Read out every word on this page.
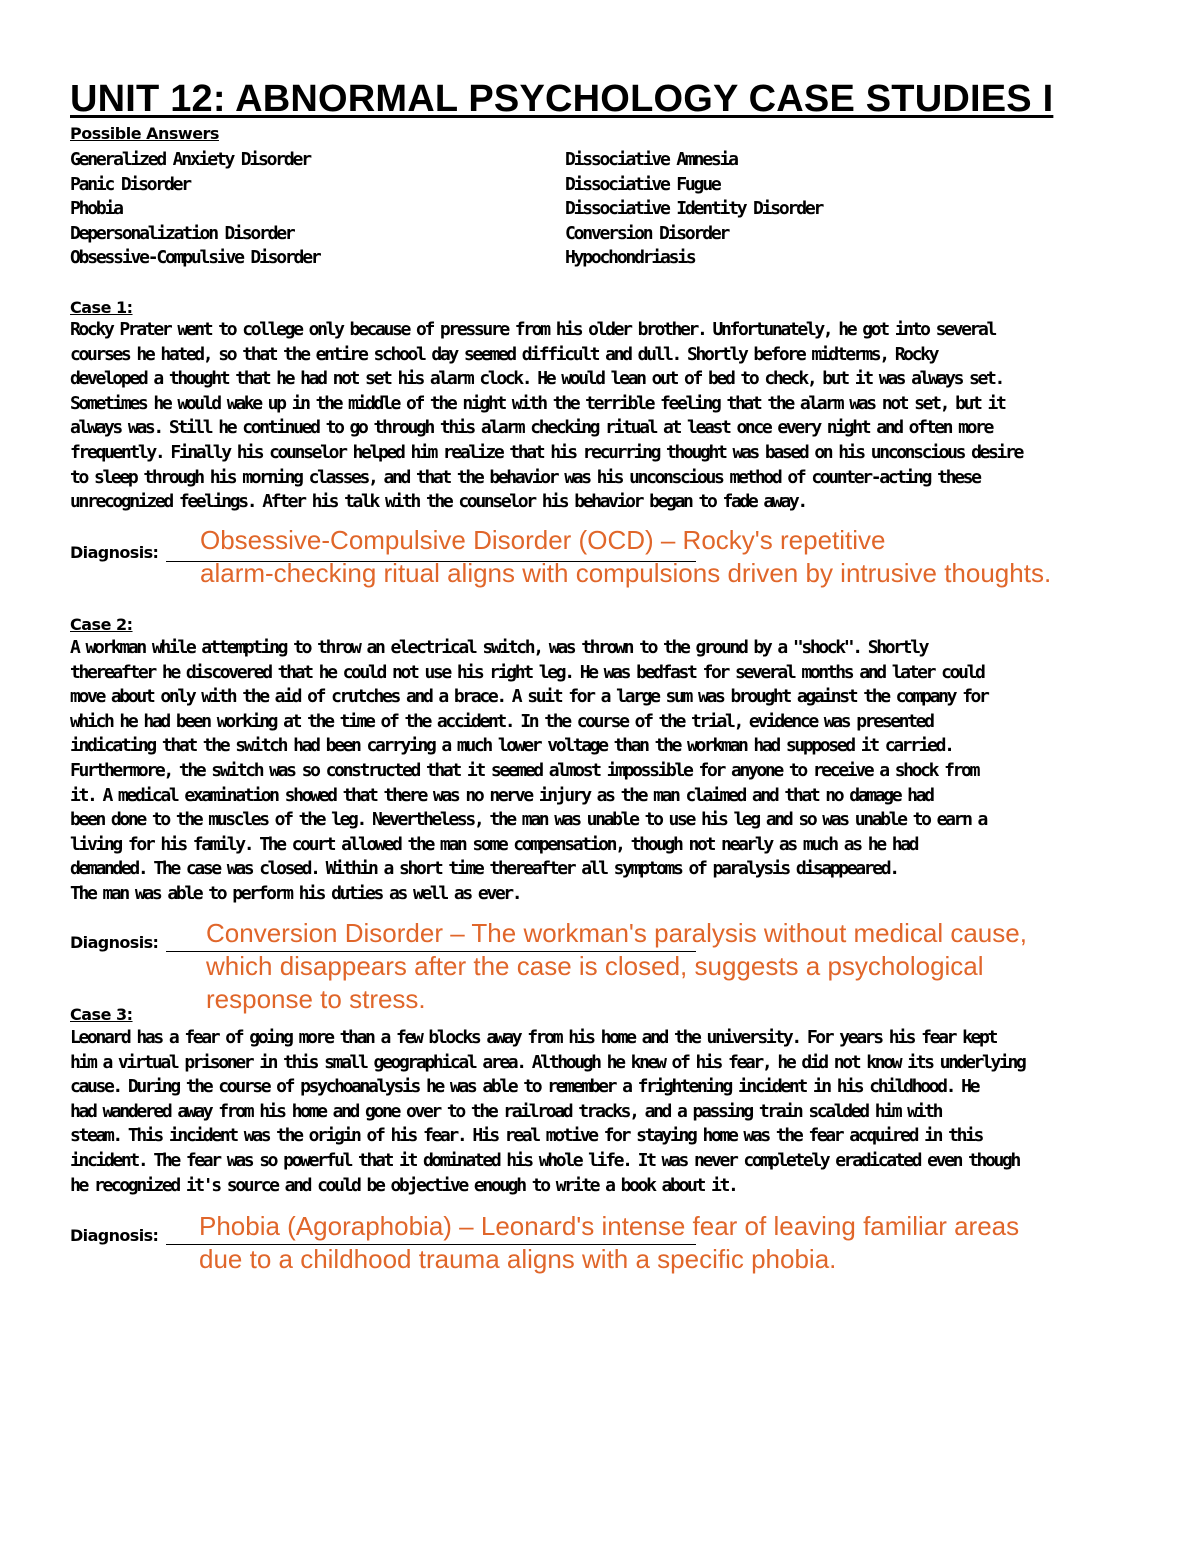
UNIT 12: ABNORMAL PSYCHOLOGY CASE STUDIES I
Possible Answers
Generalized Anxiety Disorder
Panic Disorder
Phobia
Depersonalization Disorder
Obsessive-Compulsive Disorder
Dissociative Amnesia
Dissociative Fugue
Dissociative Identity Disorder
Conversion Disorder
Hypochondriasis
Case 1:
Rocky Prater went to college only because of pressure from his older brother. Unfortunately, he got into several
courses he hated, so that the entire school day seemed difficult and dull. Shortly before midterms, Rocky
developed a thought that he had not set his alarm clock. He would lean out of bed to check, but it was always set.
Sometimes he would wake up in the middle of the night with the terrible feeling that the alarm was not set, but it
always was. Still he continued to go through this alarm checking ritual at least once every night and often more
frequently. Finally his counselor helped him realize that his recurring thought was based on his unconscious desire
to sleep through his morning classes, and that the behavior was his unconscious method of counter-acting these
unrecognized feelings. After his talk with the counselor his behavior began to fade away.
Diagnosis: Obsessive-Compulsive Disorder (OCD) – Rocky's repetitive
alarm-checking ritual aligns with compulsions driven by intrusive thoughts.
Case 2:
A workman while attempting to throw an electrical switch, was thrown to the ground by a "shock". Shortly
thereafter he discovered that he could not use his right leg. He was bedfast for several months and later could
move about only with the aid of crutches and a brace. A suit for a large sum was brought against the company for
which he had been working at the time of the accident. In the course of the trial, evidence was presented
indicating that the switch had been carrying a much lower voltage than the workman had supposed it carried.
Furthermore, the switch was so constructed that it seemed almost impossible for anyone to receive a shock from
it. A medical examination showed that there was no nerve injury as the man claimed and that no damage had
been done to the muscles of the leg. Nevertheless, the man was unable to use his leg and so was unable to earn a
living for his family. The court allowed the man some compensation, though not nearly as much as he had
demanded. The case was closed. Within a short time thereafter all symptoms of paralysis disappeared.
The man was able to perform his duties as well as ever.
Diagnosis: Conversion Disorder – The workman's paralysis without medical cause,
which disappears after the case is closed, suggests a psychological
response to stress.
Case 3:
Leonard has a fear of going more than a few blocks away from his home and the university. For years his fear kept
him a virtual prisoner in this small geographical area. Although he knew of his fear, he did not know its underlying
cause. During the course of psychoanalysis he was able to remember a frightening incident in his childhood. He
had wandered away from his home and gone over to the railroad tracks, and a passing train scalded him with
steam. This incident was the origin of his fear. His real motive for staying home was the fear acquired in this
incident. The fear was so powerful that it dominated his whole life. It was never completely eradicated even though
he recognized it's source and could be objective enough to write a book about it.
Diagnosis: Phobia (Agoraphobia) – Leonard's intense fear of leaving familiar areas
due to a childhood trauma aligns with a specific phobia.
